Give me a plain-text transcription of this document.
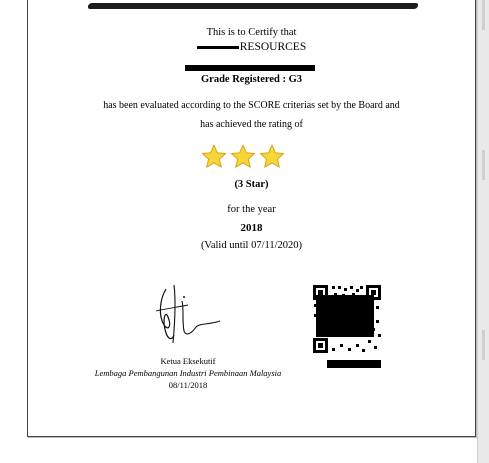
This is to Certify that
RESOURCES
Grade Registered : G3
has been evaluated according to the SCORE criterias set by the Board and
has achieved the rating of
(3 Star)
for the year
2018
(Valid until 07/11/2020)
Ketua Eksekutif
Lembaga Pembangunan Industri Pembinaan Malaysia
08/11/2018
